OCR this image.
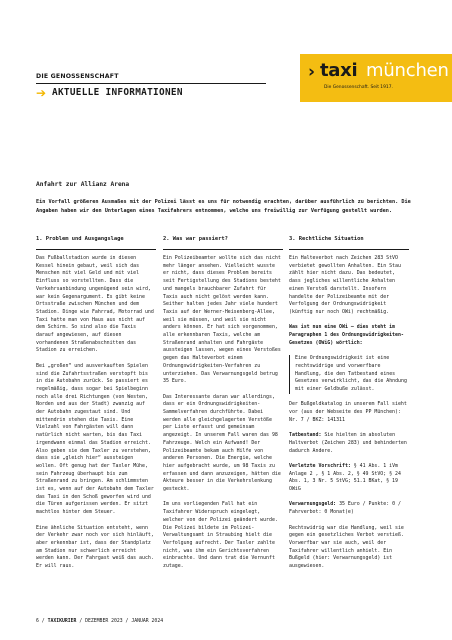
DIE GENOSSENSCHAFT
➔ AKTUELLE INFORMATIONEN
› taxi münchen
Die Genossenschaft. Seit 1917.
Anfahrt zur Allianz Arena
Ein Vorfall größeren Ausmaßes mit der Polizei lässt es uns für notwendig erachten, darüber ausführlich zu berichten. Die Angaben haben wir den Unterlagen eines Taxifahrers entnommen, welche uns freiwillig zur Verfügung gestellt wurden.
1. Problem und Ausgangslage

Das Fußballstadion wurde in diesen Kessel hinein gebaut, weil sich das Menschen mit viel Geld und mit viel Einfluss so vorstellten. Dass die Verkehrsanbindung ungenügend sein wird, war kein Gegenargument. Es gibt keine Ortsstraße zwischen München und dem Stadion. Dinge wie Fahrrad, Motorrad und Taxi hatte man von Haus aus nicht auf dem Schirm. So sind also die Taxis darauf angewiesen, auf diesen vorhandenen Straßenabschnitten das Stadion zu erreichen.

Bei „großen“ und ausverkauften Spielen sind die Zufahrtsstraßen verstopft bis in die Autobahn zurück. So passiert es regelmäßig, dass sogar bei Spielbeginn noch alle drei Richtungen (von Westen, Norden und aus der Stadt) zwanzig auf der Autobahn zugestaut sind. Und mittendrin stehen die Taxis. Eine Vielzahl von Fahrgästen will dann natürlich nicht warten, bis das Taxi irgendwann einmal das Stadion erreicht. Also geben sie dem Taxler zu verstehen, dass sie „gleich hier“ aussteigen wollen. Oft genug hat der Taxler Mühe, sein Fahrzeug überhaupt bis zum Straßenrand zu bringen. Am schlimmsten ist es, wenn auf der Autobahn dem Taxler das Taxi in den Schoß geworfen wird und die Türen aufgerissen werden. Er sitzt machtlos hinter dem Steuer.

Eine ähnliche Situation entsteht, wenn der Verkehr zwar noch vor sich hinläuft, aber erkennbar ist, dass der Standplatz am Stadion nur schwerlich erreicht werden kann. Der Fahrgast weiß das auch. Er will raus.

2. Was war passiert?

Ein Polizeibeamter wollte sich das nicht mehr länger ansehen. Vielleicht wusste er nicht, dass dieses Problem bereits seit Fertigstellung des Stadions besteht und mangels brauchbarer Zufahrt für Taxis auch nicht gelöst werden kann. Seither halten jedes Jahr viele hundert Taxis auf der Werner-Heisenberg-Allee, weil sie müssen, und weil sie nicht anders können. Er hat sich vorgenommen, alle erkennbaren Taxis, welche am Straßenrand anhalten und Fahrgäste aussteigen lassen, wegen eines Verstoßes gegen das Halteverbot einem Ordnungswidrigkeiten-Verfahren zu unterziehen. Das Verwarnungsgeld betrug 35 Euro.

Das Interessante daran war allerdings, dass er ein Ordnungswidrigkeiten-Sammelverfahren durchführte. Dabei werden alle gleichgelagerten Verstöße per Liste erfasst und gemeinsam angezeigt. In unserem Fall waren das 98 Fahrzeuge. Welch ein Aufwand! Der Polizeibeamte bekam auch Hilfe von anderen Personen. Die Energie, welche hier aufgebracht wurde, um 98 Taxis zu erfassen und dann anzuzeigen, hätten die Akteure besser in die Verkehrslenkung gesteckt.

Im uns vorliegenden Fall hat ein Taxifahrer Widerspruch eingelegt, welcher von der Polizei geändert wurde. Die Polizei bildete im Polizei-Verwaltungsamt in Straubing hielt die Verfolgung aufrecht. Der Taxler zahlte nicht, was ihm ein Gerichtsverfahren einbrachte. Und dann trat die Vernunft zutage.

3. Rechtliche Situation

Ein Halteverbot nach Zeichen 283 StVO verbietet gewollten Anhalten. Ein Stau zählt hier nicht dazu. Das bedeutet, dass jegliches willentliche Anhalten einen Verstoß darstellt. Insofern handelte der Polizeibeamte mit der Verfolgung der Ordnungswidrigkeit (künftig nur noch OWi) rechtmäßig.

Was ist nun eine OWi – dies steht im Paragraphen 1 des Ordnungswidrigkeiten-Gesetzes (OWiG) wörtlich:

Eine Ordnungswidrigkeit ist eine rechtswidrige und vorwerfbare Handlung, die den Tatbestand eines Gesetzes verwirklicht, das die Ahndung mit einer Geldbuße zulässt.

Der Bußgeldkatalog in unserem Fall sieht vor (aus der Webseite des PP München): Nr. 7 / BKZ: 141311

Tatbestand: Sie hielten im absoluten Haltverbot (Zeichen 283) und behinderten dadurch Andere.

Verletzte Vorschrift: § 41 Abs. 1 iVm Anlage 2 , § 1 Abs. 2, § 49 StVO; § 24 Abs. 1, 3 Nr. 5 StVG; 51.1 BKat, § 19 OWiG

Verwarnungsgeld: 35 Euro / Punkte: 0 / Fahrverbot: 0 Monat(e)

Rechtswidrig war die Handlung, weil sie gegen ein gesetzliches Verbot verstieß. Vorwerfbar war sie auch, weil der Taxifahrer willentlich anhielt. Ein Bußgeld (hier: Verwarnungsgeld) ist ausgewiesen.

6 / TAXIKURIER / DEZEMBER 2023 / JANUAR 2024
